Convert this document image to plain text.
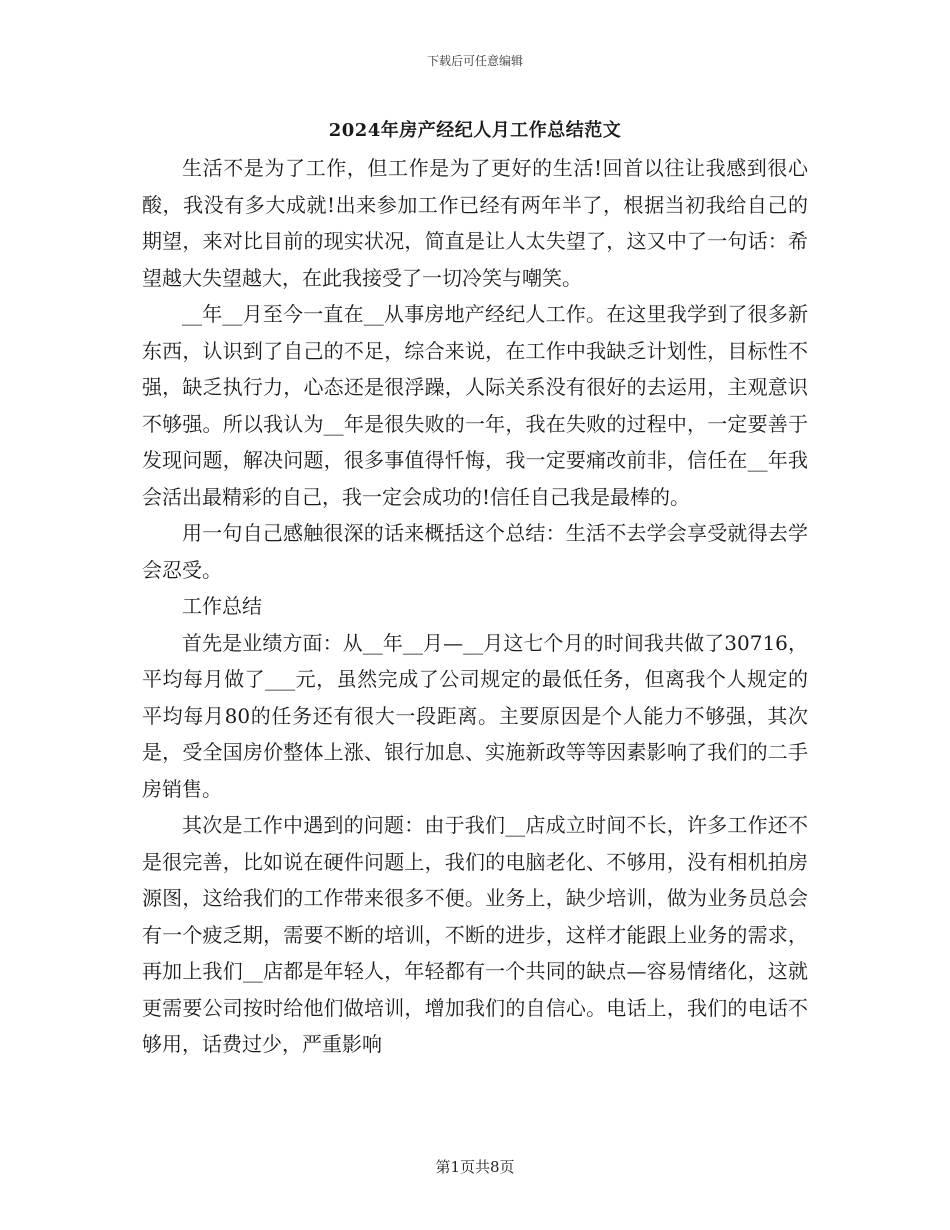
下载后可任意编辑
2024年房产经纪人月工作总结范文

生活不是为了工作，但工作是为了更好的生活!回首以往让我感到很心酸，我没有多大成就!出来参加工作已经有两年半了，根据当初我给自己的期望，来对比目前的现实状况，简直是让人太失望了，这又中了一句话：希望越大失望越大，在此我接受了一切冷笑与嘲笑。

__年__月至今一直在__从事房地产经纪人工作。在这里我学到了很多新东西，认识到了自己的不足，综合来说，在工作中我缺乏计划性，目标性不强，缺乏执行力，心态还是很浮躁，人际关系没有很好的去运用，主观意识不够强。所以我认为__年是很失败的一年，我在失败的过程中，一定要善于发现问题，解决问题，很多事值得忏悔，我一定要痛改前非，信任在__年我会活出最精彩的自己，我一定会成功的!信任自己我是最棒的。

用一句自己感触很深的话来概括这个总结：生活不去学会享受就得去学会忍受。

工作总结

首先是业绩方面：从__年__月—__月这七个月的时间我共做了30716，平均每月做了___元，虽然完成了公司规定的最低任务，但离我个人规定的平均每月80的任务还有很大一段距离。主要原因是个人能力不够强，其次是，受全国房价整体上涨、银行加息、实施新政等等因素影响了我们的二手房销售。

其次是工作中遇到的问题：由于我们__店成立时间不长，许多工作还不是很完善，比如说在硬件问题上，我们的电脑老化、不够用，没有相机拍房源图，这给我们的工作带来很多不便。业务上，缺少培训，做为业务员总会有一个疲乏期，需要不断的培训，不断的进步，这样才能跟上业务的需求，再加上我们__店都是年轻人，年轻都有一个共同的缺点—容易情绪化，这就更需要公司按时给他们做培训，增加我们的自信心。电话上，我们的电话不够用，话费过少，严重影响

第1页共8页
